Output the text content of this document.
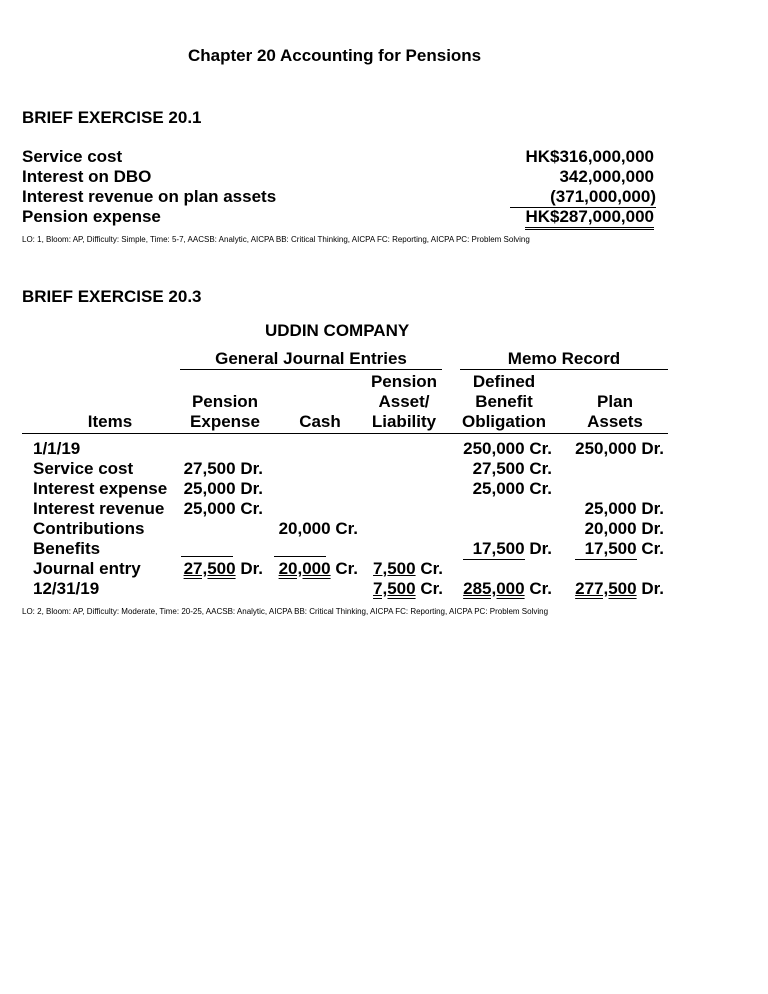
Chapter 20 Accounting for Pensions
BRIEF EXERCISE 20.1
Service cost
Interest on DBO
Interest revenue on plan assets
Pension expense
HK$316,000,000
342,000,000
(371,000,000)
HK$287,000,000
LO: 1, Bloom: AP, Difficulty: Simple, Time: 5-7, AACSB: Analytic, AICPA BB: Critical Thinking, AICPA FC: Reporting, AICPA PC: Problem Solving
BRIEF EXERCISE 20.3
UDDIN COMPANY
General Journal Entries	Memo Record
Items
Pension
Expense	Cash
Pension
Asset/
Liability
Defined
Benefit
Obligation
Plan
Assets
1/1/19
Service cost
Interest expense
Interest revenue
Contributions
Benefits
Journal entry
12/31/19
27,500 Dr.
25,000 Dr.
25,000 Cr.
27,500 Dr.
20,000 Cr.
20,000 Cr. 7,500 Cr.
7,500 Cr.
250,000 Cr.
27,500 Cr.
25,000 Cr.
17,500 Dr.
285,000 Cr.
250,000 Dr.
25,000 Dr.
20,000 Dr.
17,500 Cr.
277,500 Dr.
LO: 2, Bloom: AP, Difficulty: Moderate, Time: 20-25, AACSB: Analytic, AICPA BB: Critical Thinking, AICPA FC: Reporting, AICPA PC: Problem Solving
